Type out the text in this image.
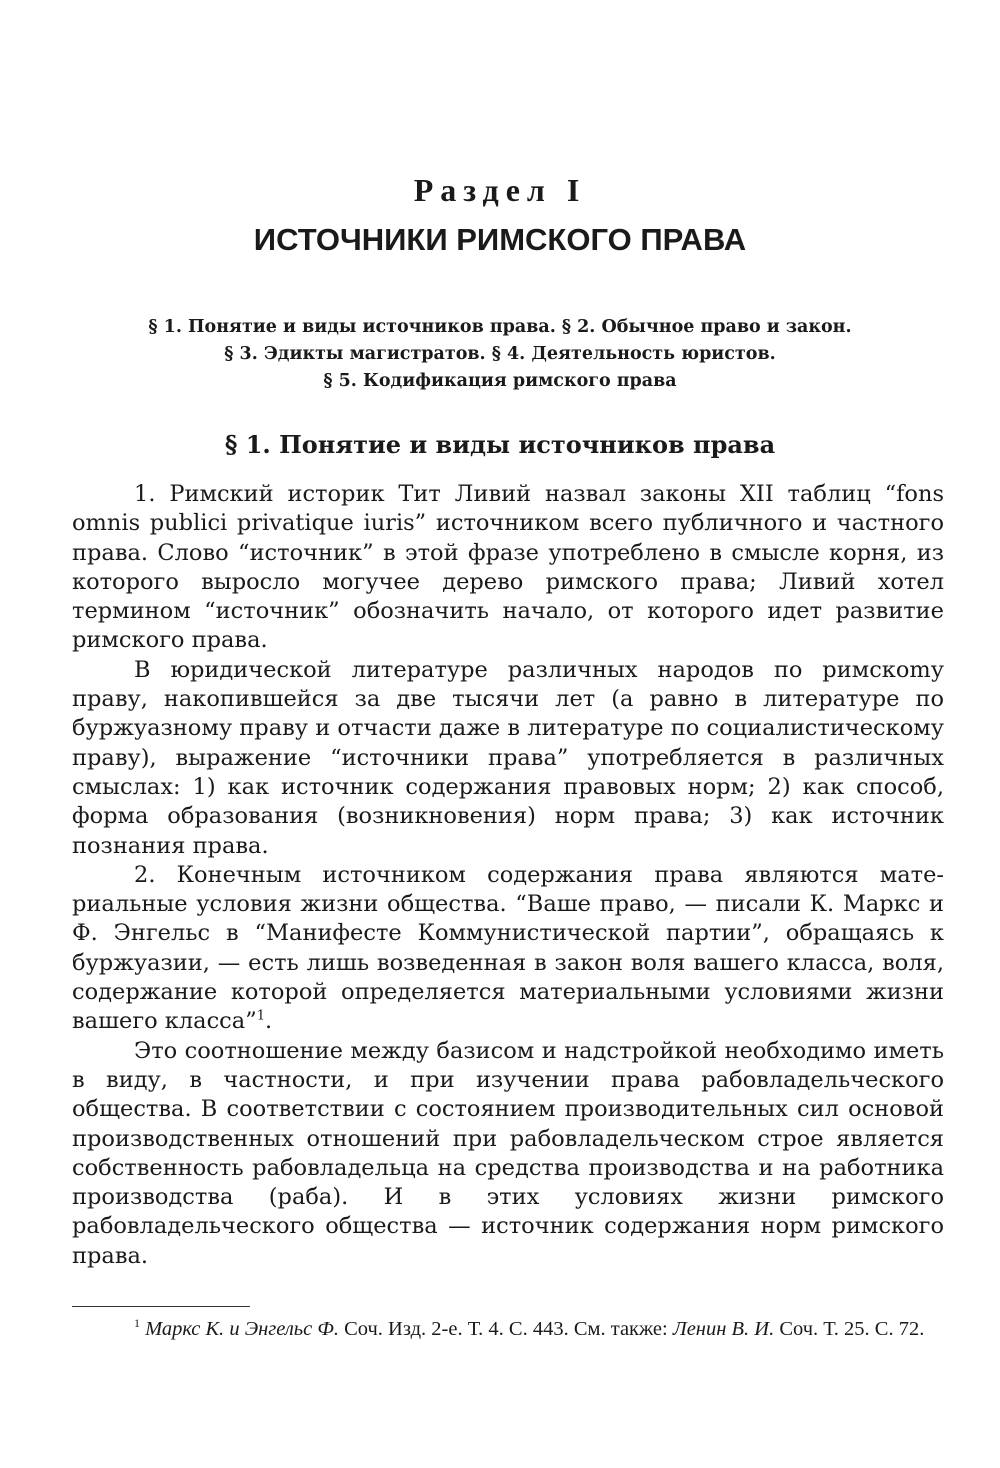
Раздел I
ИСТОЧНИКИ РИМСКОГО ПРАВА
§ 1. Понятие и виды источников права. § 2. Обычное право и закон.
§ 3. Эдикты магистратов. § 4. Деятельность юристов.
§ 5. Кодификация римского права
§ 1. Понятие и виды источников права

1. Римский историк Тит Ливий назвал законы XII таблиц “fons omnis publici privatique iuris” источником всего публичного и частного права. Слово “источник” в этой фразе употреблено в смысле корня, из которого выросло могучее дерево римского права; Ливий хотел термином “источник” обозначить начало, от которого идет развитие римского права.

В юридической литературе различных народов по римскоmу праву, накопившейся за две тысячи лет (а равно в литературе по буржуазному праву и отчасти даже в литературе по социалистическому праву), выражение “источники права” употребляется в различных смыслах: 1) как источник содержания правовых норм; 2) как способ, форма образования (возникновения) норм права; 3) как источник познания права.

2. Конечным источником содержания права являются материальные условия жизни общества. “Ваше право, — писали К. Маркс и Ф. Энгельс в “Манифесте Коммунистической партии”, обращаясь к буржуазии, — есть лишь возведенная в закон воля вашего класса, воля, содержание которой определяется материальными условиями жизни вашего класса”$^1$.

Это соотношение между базисом и надстройкой необходимо иметь в виду, в частности, и при изучении права рабовладельческого общества. В соответствии с состоянием производительных сил основой производственных отношений при рабовладельческом строе является собственность рабовладельца на средства производства и на работника производства (раба). И в этих условиях жизни римского рабовладельческого общества — источник содержания норм римского права.

$^1$ Маркс К. и Энгельс Ф. Соч. Изд. 2-е. Т. 4. С. 443. См. также: Ленин В. И. Соч. Т. 25. С. 72.
